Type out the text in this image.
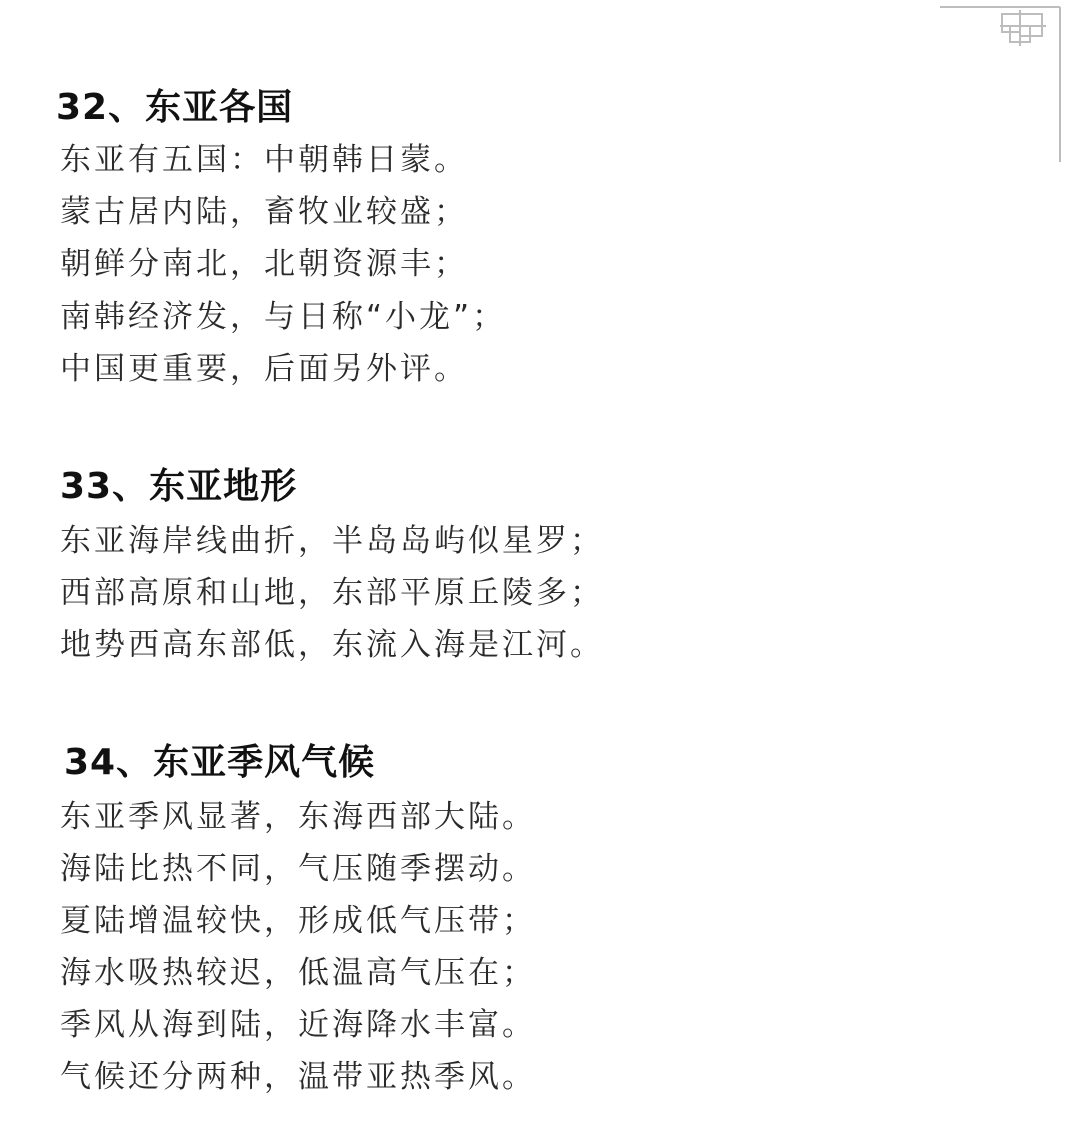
32、东亚各国
东亚有五国：中朝韩日蒙。
蒙古居内陆，畜牧业较盛；
朝鲜分南北，北朝资源丰；
南韩经济发，与日称“小龙”；
中国更重要，后面另外评。
33、东亚地形
东亚海岸线曲折，半岛岛屿似星罗；
西部高原和山地，东部平原丘陵多；
地势西高东部低，东流入海是江河。
34、东亚季风气候
东亚季风显著，东海西部大陆。
海陆比热不同，气压随季摆动。
夏陆增温较快，形成低气压带；
海水吸热较迟，低温高气压在；
季风从海到陆，近海降水丰富。
气候还分两种，温带亚热季风。
